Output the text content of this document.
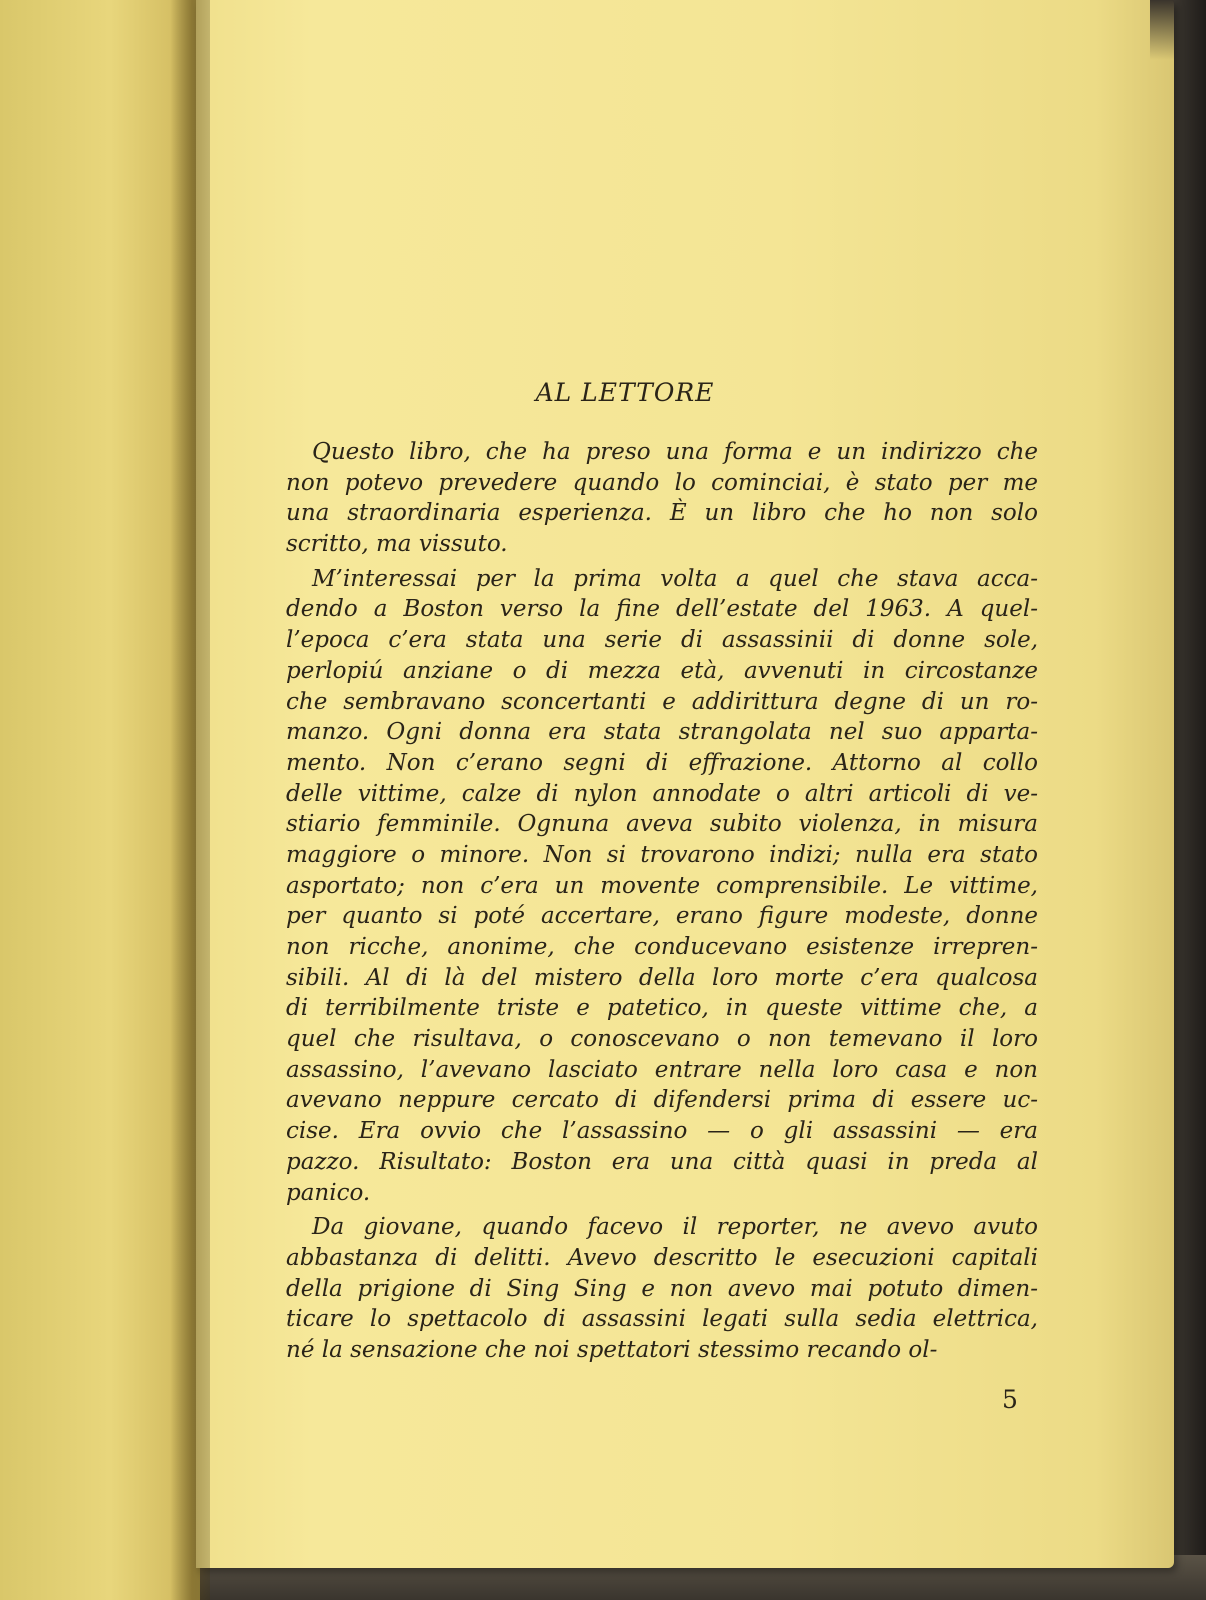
AL LETTORE
Questo libro, che ha preso una forma e un indirizzo che
non potevo prevedere quando lo cominciai, è stato per me
una straordinaria esperienza. È un libro che ho non solo
scritto, ma vissuto.
M’interessai per la prima volta a quel che stava acca-
dendo a Boston verso la fine dell’estate del 1963. A quel-
l’epoca c’era stata una serie di assassinii di donne sole,
perlopiú anziane o di mezza età, avvenuti in circostanze
che sembravano sconcertanti e addirittura degne di un ro-
manzo. Ogni donna era stata strangolata nel suo apparta-
mento. Non c’erano segni di effrazione. Attorno al collo
delle vittime, calze di nylon annodate o altri articoli di ve-
stiario femminile. Ognuna aveva subito violenza, in misura
maggiore o minore. Non si trovarono indizi; nulla era stato
asportato; non c’era un movente comprensibile. Le vittime,
per quanto si poté accertare, erano figure modeste, donne
non ricche, anonime, che conducevano esistenze irrepren-
sibili. Al di là del mistero della loro morte c’era qualcosa
di terribilmente triste e patetico, in queste vittime che, a
quel che risultava, o conoscevano o non temevano il loro
assassino, l’avevano lasciato entrare nella loro casa e non
avevano neppure cercato di difendersi prima di essere uc-
cise. Era ovvio che l’assassino — o gli assassini — era
pazzo. Risultato: Boston era una città quasi in preda al
panico.
Da giovane, quando facevo il reporter, ne avevo avuto
abbastanza di delitti. Avevo descritto le esecuzioni capitali
della prigione di Sing Sing e non avevo mai potuto dimen-
ticare lo spettacolo di assassini legati sulla sedia elettrica,
né la sensazione che noi spettatori stessimo recando ol-
5
